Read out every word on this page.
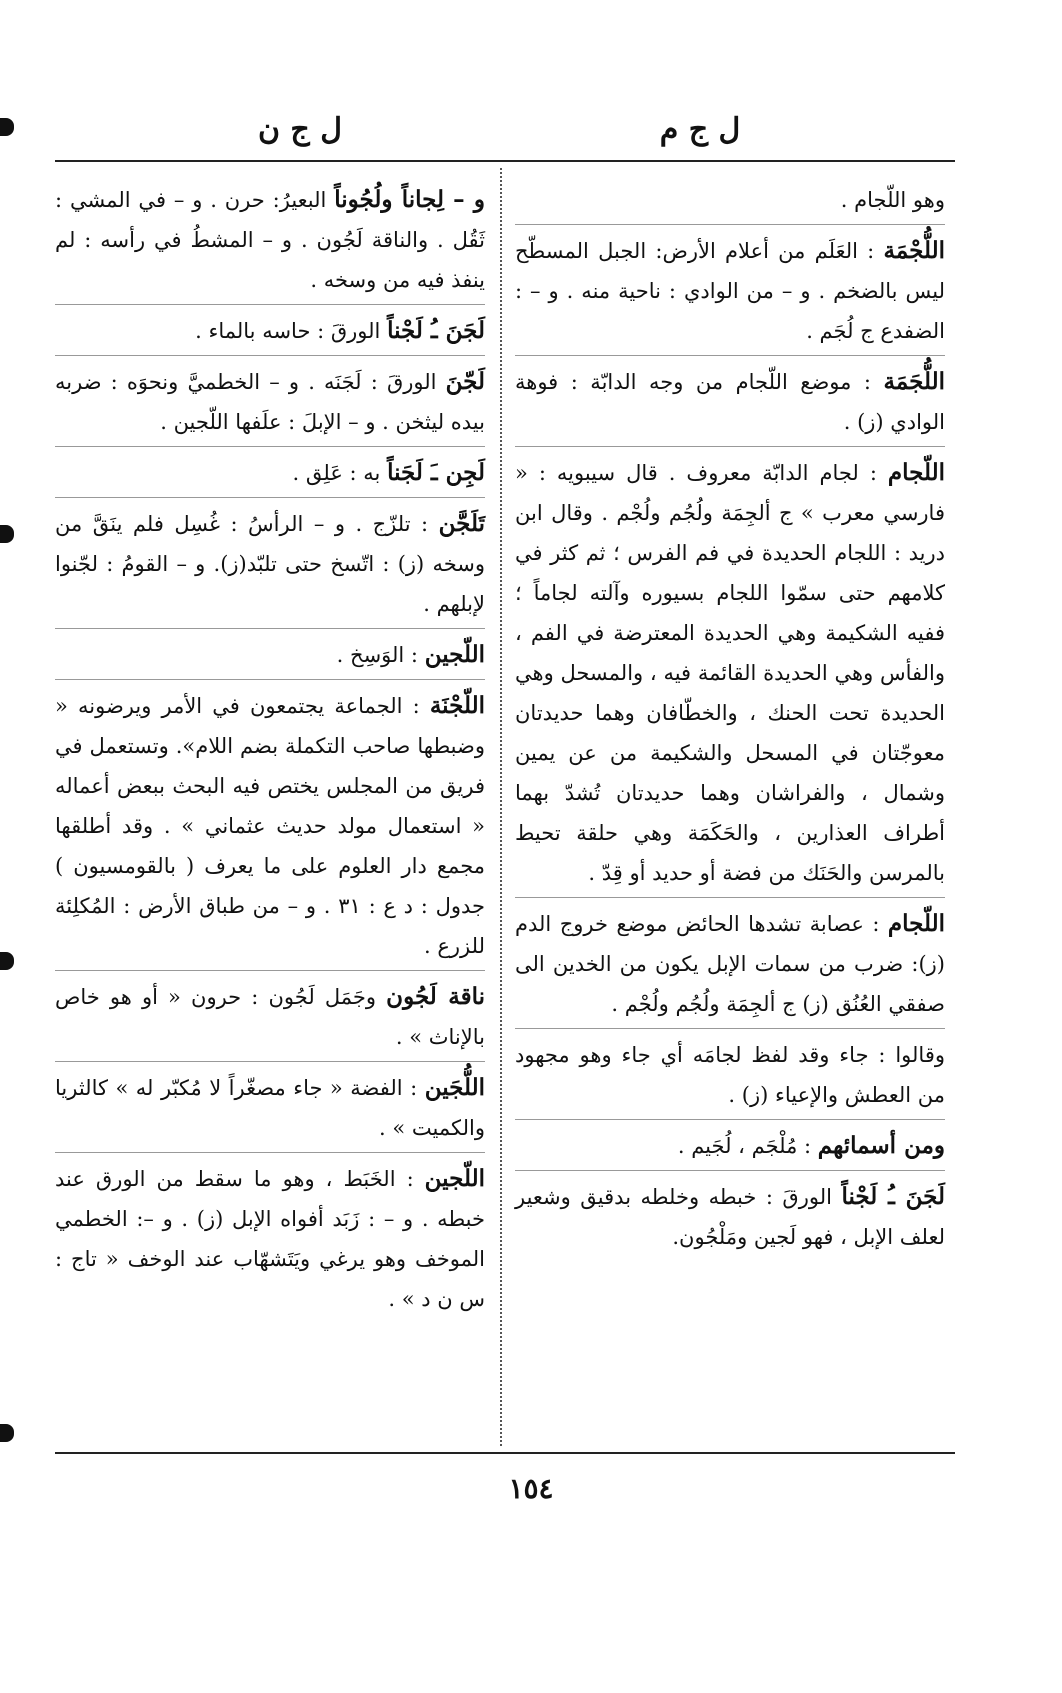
ل ج م
ل ج ن

وهو اللّجام .

اللُّجْمَة : العَلَم من أعلام الأرض: الجبل المسطّح ليس بالضخم . و – من الوادي : ناحية منه . و – : الضفدع ج لُجَم .

اللُّجَمَة : موضع اللّجام من وجه الدابّة : فوهة الوادي (ز) .

اللّجام : لجام الدابّة معروف . قال سيبويه : « فارسي معرب » ج ألجِمَة ولُجُم ولُجْم . وقال ابن دريد : اللجام الحديدة في فم الفرس ؛ ثم كثر في كلامهم حتى سمّوا اللجام بسيوره وآلته لجاماً ؛ ففيه الشكيمة وهي الحديدة المعترضة في الفم ، والفأس وهي الحديدة القائمة فيه ، والمسحل وهي الحديدة تحت الحنك ، والخطّافان وهما حديدتان معوجّتان في المسحل والشكيمة من عن يمين وشمال ، والفراشان وهما حديدتان تُشدّ بهما أطراف العذارين ، والحَكَمَة وهي حلقة تحيط بالمرسن والحَنَك من فضة أو حديد أو قِدّ .

اللّجام : عصابة تشدها الحائض موضع خروج الدم (ز): ضرب من سمات الإبل يكون من الخدين الى صفقي العُنُق (ز) ج ألجِمَة ولُجُم ولُجْم .

وقالوا : جاء وقد لفظ لجامَه أي جاء وهو مجهود من العطش والإعياء (ز) .

ومن أسمائهم : مُلْجَم ، لُجَيم .

لَجَنَ ـُ لَجْناً الورقَ : خبطه وخلطه بدقيق وشعير لعلف الإبل ، فهو لَجين ومَلْجُون.

و – لِجاناً ولُجُوناً البعيرُ: حرن . و – في المشي : ثَقُل . والناقة لَجُون . و – المشطُ في رأسه : لم ينفذ فيه من وسخه .

لَجَنَ ـُ لَجْناً الورقَ : حاسه بالماء .

لَجّنَ الورقَ : لَجَنَه . و – الخطميَّ ونحوَه : ضربه بيده ليثخن . و – الإبلَ : علَفها اللّجين .

لَجِن ـَ لَجَناً به : عَلِق .

تَلَجَّن : تلزّج . و – الرأسُ : غُسِل فلم ينَقَّ من وسخه (ز) : اتّسخ حتى تلبّد(ز). و – القومُ : لجّنوا لإبلهم .

اللّجين : الوَسِخ .

اللّجْنَة : الجماعة يجتمعون في الأمر ويرضونه « وضبطها صاحب التكملة بضم اللام». وتستعمل في فريق من المجلس يختص فيه البحث ببعض أعماله « استعمال مولد حديث عثماني » . وقد أطلقها مجمع دار العلوم على ما يعرف ( بالقومسيون ) جدول : د ع : ٣١ . و – من طباق الأرض : المُكلِئة للزرع .

ناقة لَجُون وجَمَل لَجُون : حرون « أو هو خاص بالإناث » .

اللُّجَين : الفضة « جاء مصغّراً لا مُكبّر له » كالثريا والكميت » .

اللّجين : الخَبَط ، وهو ما سقط من الورق عند خبطه . و – : زَبَد أفواه الإبل (ز) . و –: الخطمي الموخف وهو يرغي ويَتَشهّاب عند الوخف « تاج : س ن د » .

١٥٤
